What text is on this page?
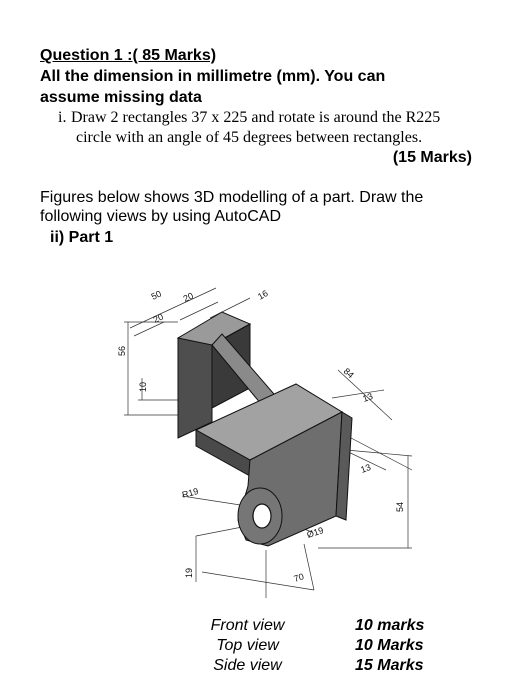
Question 1 :( 85 Marks)
All the dimension in millimetre (mm). You can
assume missing data
i. Draw 2 rectangles 37 x 225 and rotate is around the R225
circle with an angle of 45 degrees between rectangles.
(15 Marks)
Figures below shows 3D modelling of a part. Draw the
following views by using AutoCAD
ii) Part 1
50 20
20
16
56
10
84
13
13
54
R19
Ø19
19	70
Front view	10 marks
Top view	10 Marks
Side view	15 Marks
